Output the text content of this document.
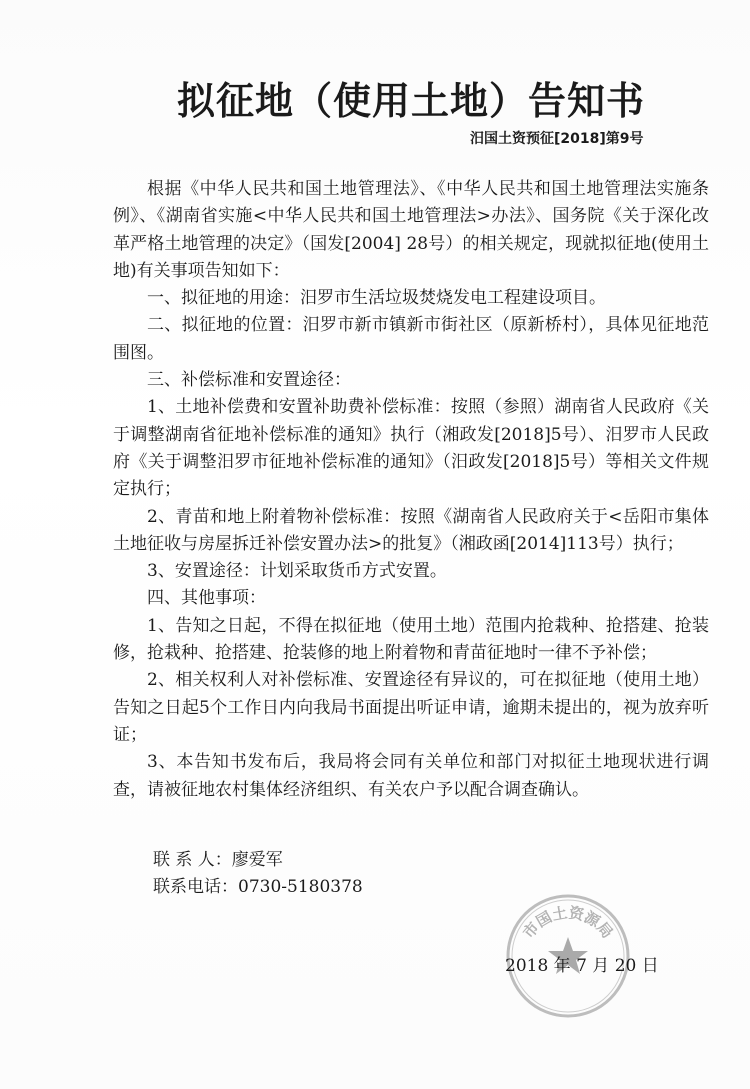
拟征地（使用土地）告知书
汨国土资预征[2018]第9号

根据《中华人民共和国土地管理法》、《中华人民共和国土地管理法实施条例》、《湖南省实施<中华人民共和国土地管理法>办法》、国务院《关于深化改革严格土地管理的决定》（国发[2004] 28号）的相关规定，现就拟征地(使用土地)有关事项告知如下：

一、拟征地的用途：汨罗市生活垃圾焚烧发电工程建设项目。

二、拟征地的位置：汨罗市新市镇新市街社区（原新桥村），具体见征地范围图。

三、补偿标准和安置途径：

1、土地补偿费和安置补助费补偿标准：按照（参照）湖南省人民政府《关于调整湖南省征地补偿标准的通知》执行（湘政发[2018]5号）、汨罗市人民政府《关于调整汨罗市征地补偿标准的通知》（汨政发[2018]5号）等相关文件规定执行；

2、青苗和地上附着物补偿标准：按照《湖南省人民政府关于<岳阳市集体土地征收与房屋拆迁补偿安置办法>的批复》（湘政函[2014]113号）执行；

3、安置途径：计划采取货币方式安置。

四、其他事项：

1、告知之日起，不得在拟征地（使用土地）范围内抢栽种、抢搭建、抢装修，抢栽种、抢搭建、抢装修的地上附着物和青苗征地时一律不予补偿；

2、相关权利人对补偿标准、安置途径有异议的，可在拟征地（使用土地）告知之日起5个工作日内向我局书面提出听证申请，逾期未提出的，视为放弃听证；

3、本告知书发布后，我局将会同有关单位和部门对拟征土地现状进行调查，请被征地农村集体经济组织、有关农户予以配合调查确认。

联 系 人：廖爱军
联系电话：0730-5180378
市国土资源局
2018 年 7 月 20 日
